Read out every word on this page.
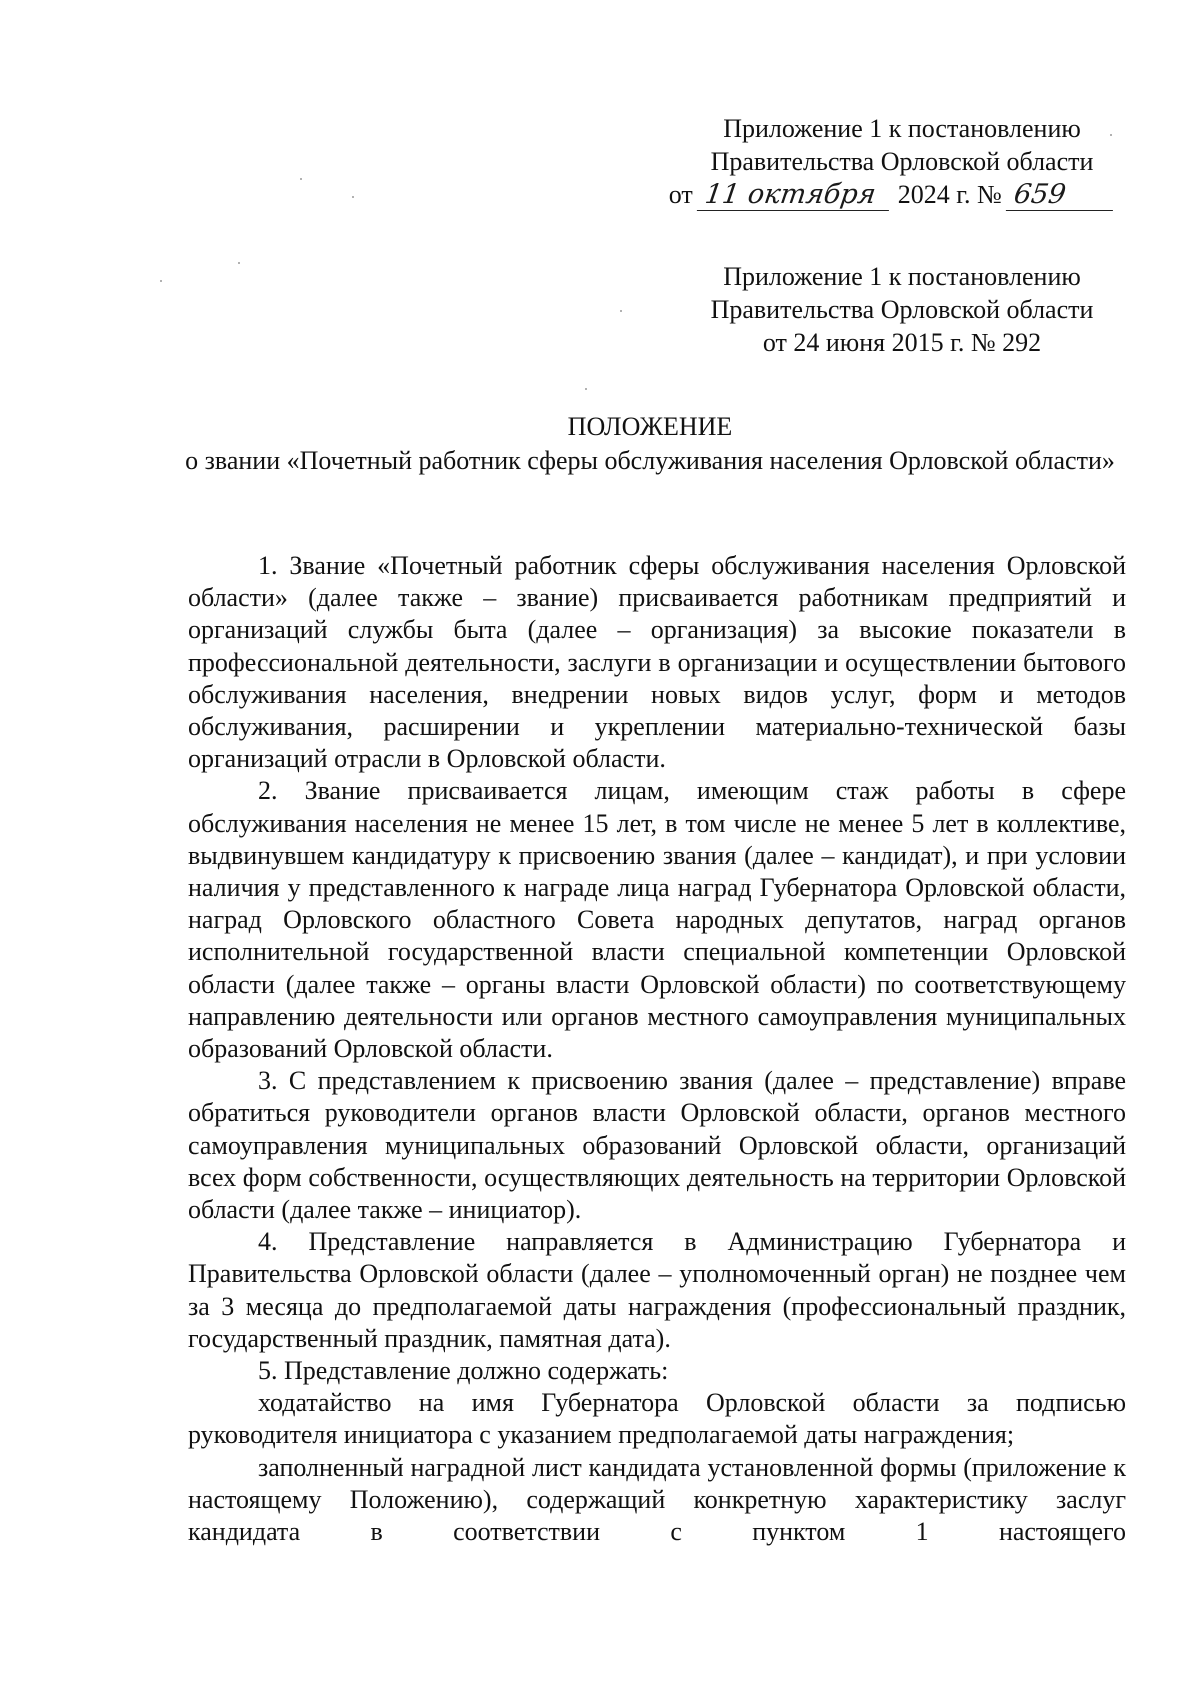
Приложение 1 к постановлению
Правительства Орловской области
от 11 октября 2024 г. № 659
Приложение 1 к постановлению
Правительства Орловской области
от 24 июня 2015 г. № 292
ПОЛОЖЕНИЕ
о звании «Почетный работник сферы обслуживания населения Орловской области»

1. Звание «Почетный работник сферы обслуживания населения Орловской области» (далее также – звание) присваивается работникам предприятий и организаций службы быта (далее – организация) за высокие показатели в профессиональной деятельности, заслуги в организации и осуществлении бытового обслуживания населения, внедрении новых видов услуг, форм и методов обслуживания, расширении и укреплении материально-технической базы организаций отрасли в Орловской области.

2. Звание присваивается лицам, имеющим стаж работы в сфере обслуживания населения не менее 15 лет, в том числе не менее 5 лет в коллективе, выдвинувшем кандидатуру к присвоению звания (далее – кандидат), и при условии наличия у представленного к награде лица наград Губернатора Орловской области, наград Орловского областного Совета народных депутатов, наград органов исполнительной государственной власти специальной компетенции Орловской области (далее также – органы власти Орловской области) по соответствующему направлению деятельности или органов местного самоуправления муниципальных образований Орловской области.

3. С представлением к присвоению звания (далее – представление) вправе обратиться руководители органов власти Орловской области, органов местного самоуправления муниципальных образований Орловской области, организаций всех форм собственности, осуществляющих деятельность на территории Орловской области (далее также – инициатор).

4. Представление направляется в Администрацию Губернатора и Правительства Орловской области (далее – уполномоченный орган) не позднее чем за 3 месяца до предполагаемой даты награждения (профессиональный праздник, государственный праздник, памятная дата).

5. Представление должно содержать:

ходатайство на имя Губернатора Орловской области за подписью руководителя инициатора с указанием предполагаемой даты награждения;

заполненный наградной лист кандидата установленной формы (приложение к настоящему Положению), содержащий конкретную характеристику заслуг кандидата в соответствии с пунктом 1 настоящего
